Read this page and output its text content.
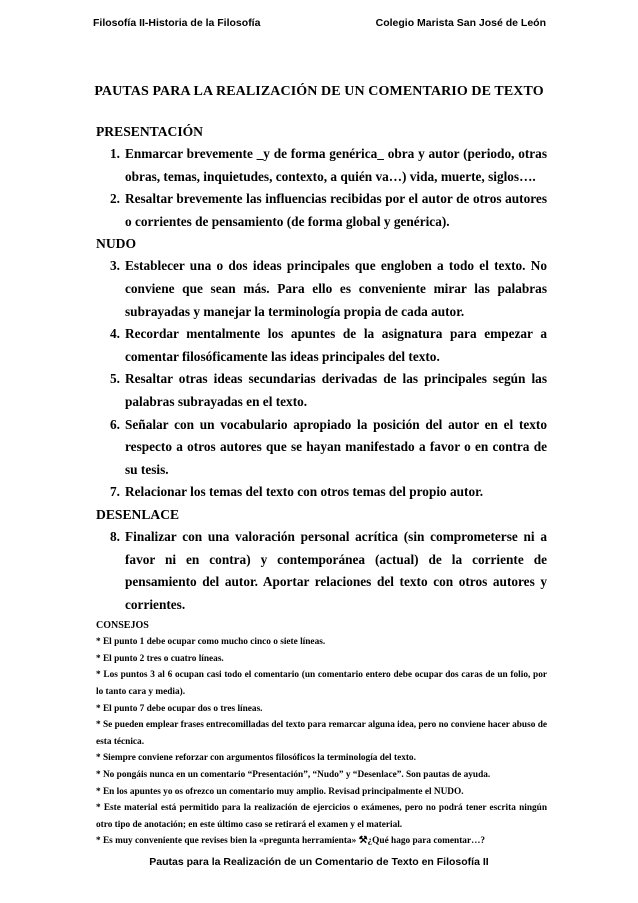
Filosofía II-Historia de la Filosofía	Colegio Marista San José de León
PAUTAS PARA LA REALIZACIÓN DE UN COMENTARIO DE TEXTO

PRESENTACIÓN

1. Enmarcar brevemente _y de forma genérica_ obra y autor (periodo, otras obras, temas, inquietudes, contexto, a quién va…) vida, muerte, siglos….
2. Resaltar brevemente las influencias recibidas por el autor de otros autores o corrientes de pensamiento (de forma global y genérica).

NUDO

3. Establecer una o dos ideas principales que engloben a todo el texto. No conviene que sean más. Para ello es conveniente mirar las palabras subrayadas y manejar la terminología propia de cada autor.
4. Recordar mentalmente los apuntes de la asignatura para empezar a comentar filosóficamente las ideas principales del texto.
5. Resaltar otras ideas secundarias derivadas de las principales según las palabras subrayadas en el texto.
6. Señalar con un vocabulario apropiado la posición del autor en el texto respecto a otros autores que se hayan manifestado a favor o en contra de su tesis.
7. Relacionar los temas del texto con otros temas del propio autor.

DESENLACE

8. Finalizar con una valoración personal acrítica (sin comprometerse ni a favor ni en contra) y contemporánea (actual) de la corriente de pensamiento del autor. Aportar relaciones del texto con otros autores y corrientes.
CONSEJOS
* El punto 1 debe ocupar como mucho cinco o siete líneas.
* El punto 2 tres o cuatro líneas.
* Los puntos 3 al 6 ocupan casi todo el comentario (un comentario entero debe ocupar dos caras de un folio, por lo tanto cara y media).
* El punto 7 debe ocupar dos o tres líneas.
* Se pueden emplear frases entrecomilladas del texto para remarcar alguna idea, pero no conviene hacer abuso de esta técnica.
* Siempre conviene reforzar con argumentos filosóficos la terminología del texto.
* No pongáis nunca en un comentario “Presentación”, “Nudo” y “Desenlace”. Son pautas de ayuda.
* En los apuntes yo os ofrezco un comentario muy amplio. Revisad principalmente el NUDO.
* Este material está permitido para la realización de ejercicios o exámenes, pero no podrá tener escrita ningún otro tipo de anotación; en este último caso se retirará el examen y el material.
* Es muy conveniente que revises bien la «pregunta herramienta» ⚒¿Qué hago para comentar…?
Pautas para la Realización de un Comentario de Texto en Filosofía II
